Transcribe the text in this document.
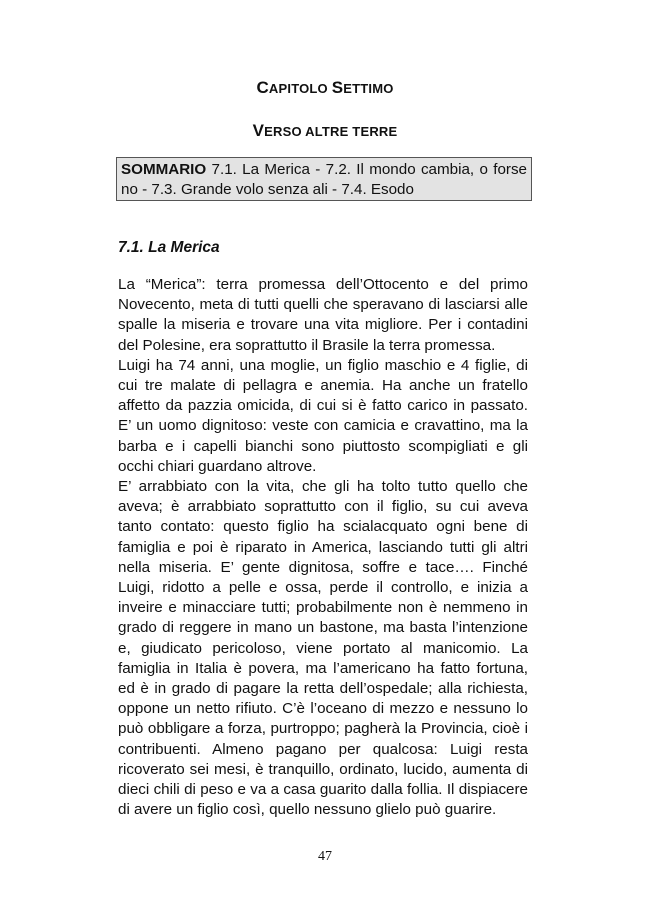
CAPITOLO SETTIMO
VERSO ALTRE TERRE
SOMMARIO 7.1. La Merica - 7.2. Il mondo cambia, o forse no - 7.3. Grande volo senza ali - 7.4. Esodo
7.1. La Merica

La “Merica”: terra promessa dell’Ottocento e del primo Novecento, meta di tutti quelli che speravano di lasciarsi alle spalle la miseria e trovare una vita migliore. Per i contadini del Polesine, era soprattutto il Brasile la terra promessa.

Luigi ha 74 anni, una moglie, un figlio maschio e 4 figlie, di cui tre malate di pellagra e anemia. Ha anche un fratello affetto da pazzia omicida, di cui si è fatto carico in passato. E’ un uomo dignitoso: veste con camicia e cravattino, ma la barba e i capelli bianchi sono piuttosto scompigliati e gli occhi chiari guardano altrove.

E’ arrabbiato con la vita, che gli ha tolto tutto quello che aveva; è arrabbiato soprattutto con il figlio, su cui aveva tanto contato: questo figlio ha scialacquato ogni bene di famiglia e poi è riparato in America, lasciando tutti gli altri nella miseria. E’ gente dignitosa, soffre e tace…. Finché Luigi, ridotto a pelle e ossa, perde il controllo, e inizia a inveire e minacciare tutti; probabilmente non è nemmeno in grado di reggere in mano un bastone, ma basta l’intenzione e, giudicato pericoloso, viene portato al manicomio. La famiglia in Italia è povera, ma l’americano ha fatto fortuna, ed è in grado di pagare la retta dell’ospedale; alla richiesta, oppone un netto rifiuto. C’è l’oceano di mezzo e nessuno lo può obbligare a forza, purtroppo; pagherà la Provincia, cioè i contribuenti. Almeno pagano per qualcosa: Luigi resta ricoverato sei mesi, è tranquillo, ordinato, lucido, aumenta di dieci chili di peso e va a casa guarito dalla follia. Il dispiacere di avere un figlio così, quello nessuno glielo può guarire.

47
